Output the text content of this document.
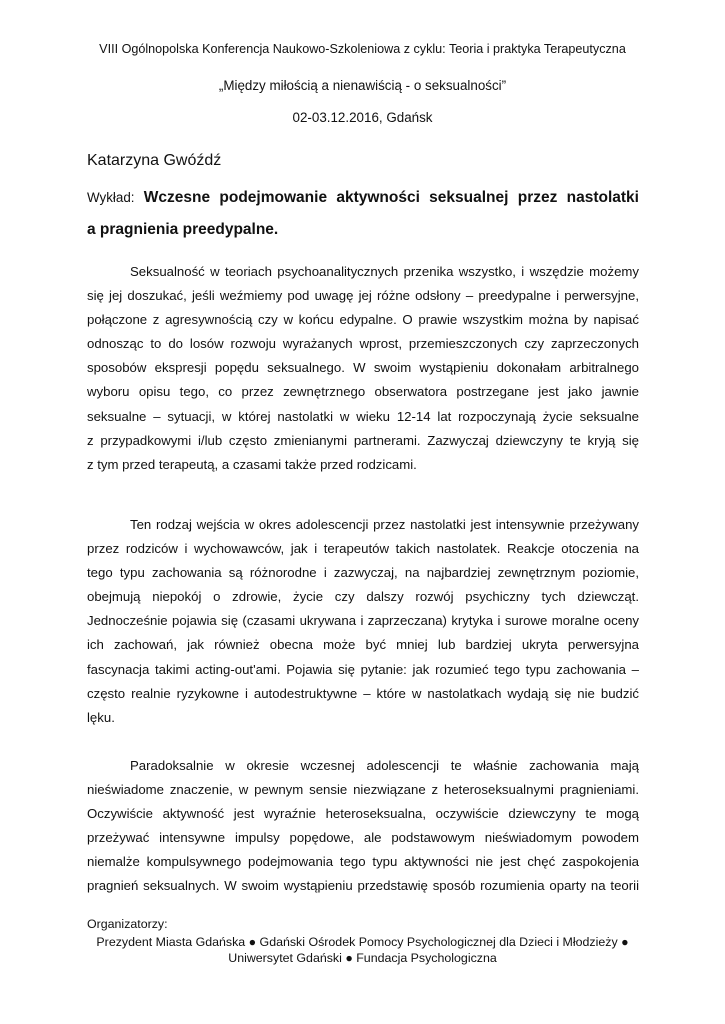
VIII Ogólnopolska Konferencja Naukowo-Szkoleniowa z cyklu: Teoria i praktyka Terapeutyczna
„Między miłością a nienawiścią - o seksualności”
02-03.12.2016, Gdańsk
Katarzyna Gwóźdź
Wykład: Wczesne podejmowanie aktywności seksualnej przez nastolatki
a pragnienia preedypalne.
Seksualność w teoriach psychoanalitycznych przenika wszystko, i wszędzie możemy
się jej doszukać, jeśli weźmiemy pod uwagę jej różne odsłony – preedypalne i perwersyjne,
połączone z agresywnością czy w końcu edypalne. O prawie wszystkim można by napisać
odnosząc to do losów rozwoju wyrażanych wprost, przemieszczonych czy zaprzeczonych
sposobów ekspresji popędu seksualnego. W swoim wystąpieniu dokonałam arbitralnego
wyboru opisu tego, co przez zewnętrznego obserwatora postrzegane jest jako jawnie
seksualne – sytuacji, w której nastolatki w wieku 12-14 lat rozpoczynają życie seksualne
z przypadkowymi i/lub często zmienianymi partnerami. Zazwyczaj dziewczyny te kryją się
z tym przed terapeutą, a czasami także przed rodzicami.
Ten rodzaj wejścia w okres adolescencji przez nastolatki jest intensywnie przeżywany
przez rodziców i wychowawców, jak i terapeutów takich nastolatek. Reakcje otoczenia na
tego typu zachowania są różnorodne i zazwyczaj, na najbardziej zewnętrznym poziomie,
obejmują niepokój o zdrowie, życie czy dalszy rozwój psychiczny tych dziewcząt.
Jednocześnie pojawia się (czasami ukrywana i zaprzeczana) krytyka i surowe moralne oceny
ich zachowań, jak również obecna może być mniej lub bardziej ukryta perwersyjna
fascynacja takimi acting-out'ami. Pojawia się pytanie: jak rozumieć tego typu zachowania –
często realnie ryzykowne i autodestruktywne – które w nastolatkach wydają się nie budzić
lęku.
Paradoksalnie w okresie wczesnej adolescencji te właśnie zachowania mają
nieświadome znaczenie, w pewnym sensie niezwiązane z heteroseksualnymi pragnieniami.
Oczywiście aktywność jest wyraźnie heteroseksualna, oczywiście dziewczyny te mogą
przeżywać intensywne impulsy popędowe, ale podstawowym nieświadomym powodem
niemalże kompulsywnego podejmowania tego typu aktywności nie jest chęć zaspokojenia
pragnień seksualnych. W swoim wystąpieniu przedstawię sposób rozumienia oparty na teorii
Organizatorzy:
Prezydent Miasta Gdańska ● Gdański Ośrodek Pomocy Psychologicznej dla Dzieci i Młodzieży ●
Uniwersytet Gdański ● Fundacja Psychologiczna
